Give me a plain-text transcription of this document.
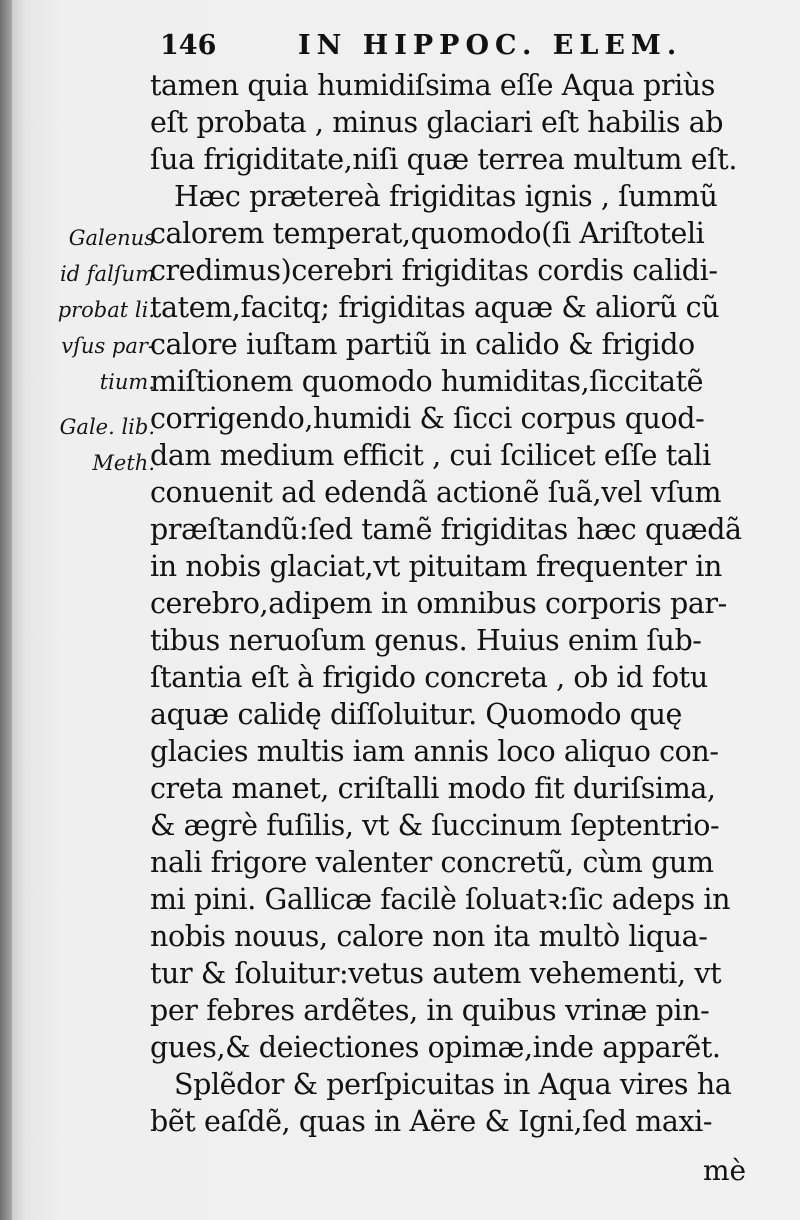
146	IN HIPPOC. ELEM.
Galenus
id falſum
probat li.
vſus par-
tium.
Gale. lib.
Meth.
tamen quia humidiſsima eſſe Aqua priùs
eſt probata , minus glaciari eſt habilis ab
ſua frigiditate,niſi quæ terrea multum eſt.
Hæc prætereà frigiditas ignis , ſummũ
calorem temperat,quomodo(ſi Ariſtoteli
credimus)cerebri frigiditas cordis calidi-
tatem,facitq; frigiditas aquæ & aliorũ cũ
calore iuſtam partiũ in calido & frigido
miſtionem quomodo humiditas,ſiccitatẽ
corrigendo,humidi & ſicci corpus quod-
dam medium efficit , cui ſcilicet eſſe tali
conuenit ad edendã actionẽ ſuã,vel vſum
præſtandũ:ſed tamẽ frigiditas hæc quædã
in nobis glaciat,vt pituitam frequenter in
cerebro,adipem in omnibus corporis par-
tibus neruoſum genus. Huius enim ſub-
ſtantia eſt à frigido concreta , ob id fotu
aquæ calidę diſſoluitur. Quomodo quę
glacies multis iam annis loco aliquo con-
creta manet, criſtalli modo fit duriſsima,
& ægrè fuſilis, vt & ſuccinum ſeptentrio-
nali frigore valenter concretũ, cùm gum
mi pini. Gallicæ facilè ſoluatꝛ:ſic adeps in
nobis nouus, calore non ita multò liqua-
tur & ſoluitur:vetus autem vehementi, vt
per febres ardẽtes, in quibus vrinæ pin-
gues,& deiectiones opimæ,inde apparẽt.
Splẽdor & perſpicuitas in Aqua vires ha
bẽt eaſdẽ, quas in Aëre & Igni,ſed maxi-
mè
